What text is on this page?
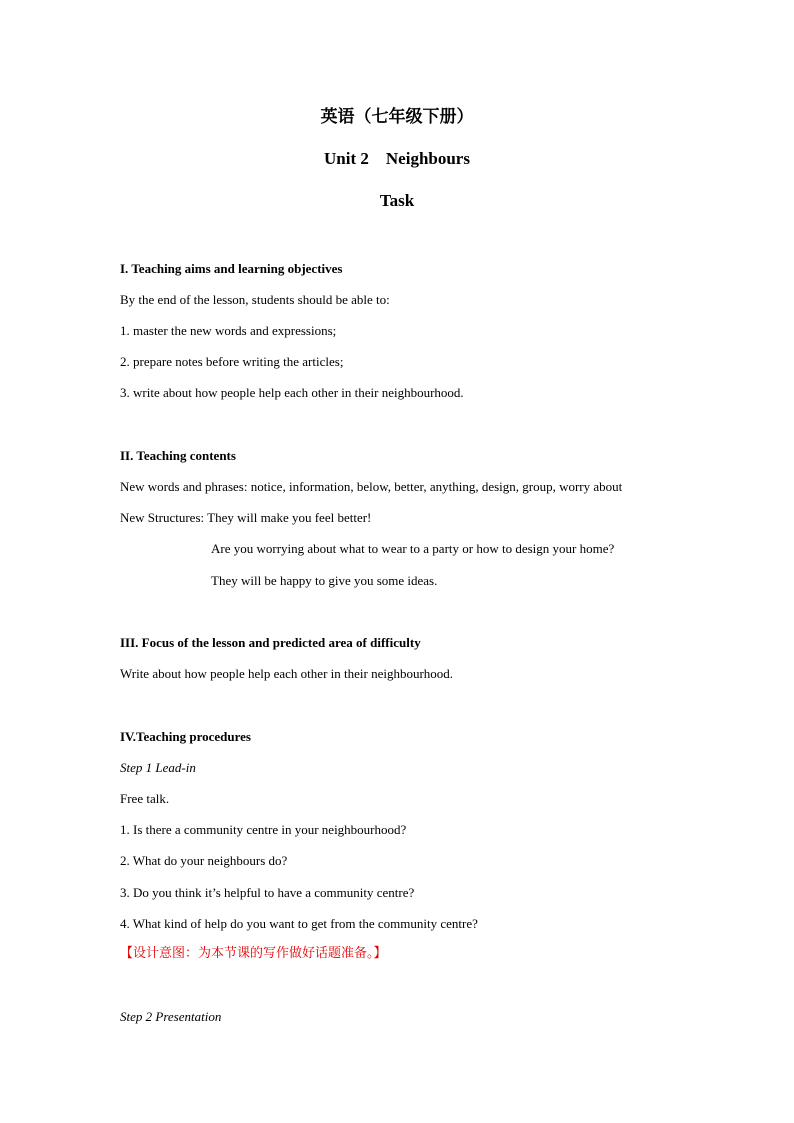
英语（七年级下册）
Unit 2    Neighbours
Task
I. Teaching aims and learning objectives
By the end of the lesson, students should be able to:
1. master the new words and expressions;
2. prepare notes before writing the articles;
3. write about how people help each other in their neighbourhood.
II. Teaching contents
New words and phrases: notice, information, below, better, anything, design, group, worry about
New Structures: They will make you feel better!
Are you worrying about what to wear to a party or how to design your home?
They will be happy to give you some ideas.
III. Focus of the lesson and predicted area of difficulty
Write about how people help each other in their neighbourhood.
IV.Teaching procedures
Step 1 Lead-in
Free talk.
1. Is there a community centre in your neighbourhood?
2. What do your neighbours do?
3. Do you think it’s helpful to have a community centre?
4. What kind of help do you want to get from the community centre?
【设计意图：为本节课的写作做好话题准备。】
Step 2 Presentation
